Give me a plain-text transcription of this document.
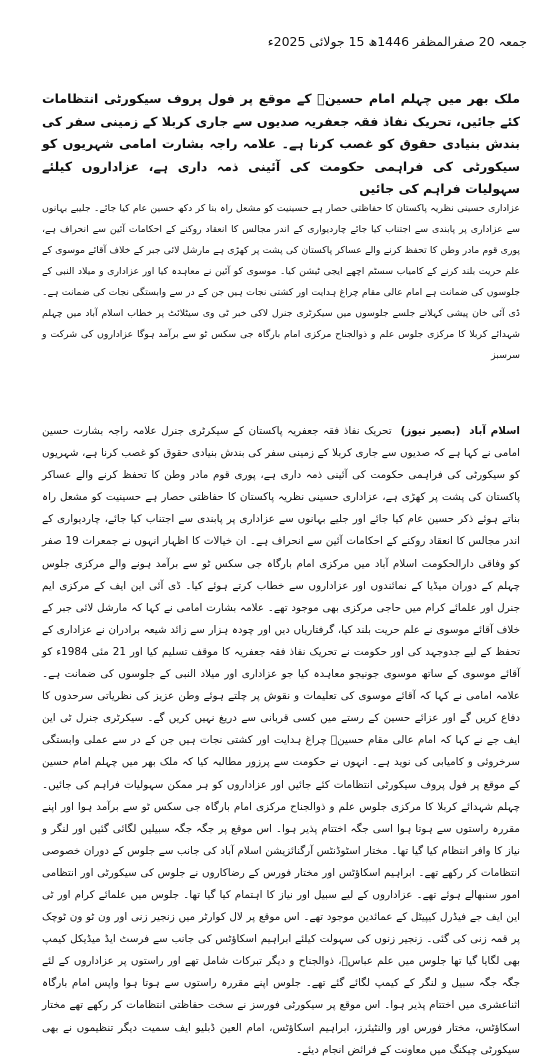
جمعہ 20 صفرالمظفر 1446ھ 15 جولائی 2025ء

ملک بھر میں چہلم امام حسینؑ کے موقع پر فول پروف سیکورٹی انتظامات کئے جائیں، تحریک نفاذ فقہ جعفریہ صدیوں سے جاری کربلا کے زمینی سفر کی بندش بنیادی حقوق کو غصب کرنا ہے۔ علامہ راجہ بشارت امامی شہریوں کو سیکورٹی کی فراہمی حکومت کی آئینی ذمہ داری ہے، عزاداروں کیلئے سہولیات فراہم کی جائیں

عزاداری حسینی نظریہ پاکستان کا حفاظتی حصار ہے حسینیت کو مشعل راہ بنا کر دکھ حسین عام کیا جائے۔ جلیبے بہانوں سے عزاداری پر پابندی سے اجتناب کیا جائے چاردیواری کے اندر مجالس کا انعقاد روکنے کے احکامات آئین سے انحراف ہے، پوری قوم مادر وطن کا تحفظ کرنے والے عساکر پاکستان کی پشت پر کھڑی ہے مارشل لائی جبر کے خلاف آقائے موسوی کے علم حریت بلند کرنے کے کامیاب سسٹم اچھے ایجی ٹیشن کیا۔ موسوی کو آئین نے معاہدہ کیا اور عزاداری و میلاد النبی کے جلوسوں کی ضمانت ہے امام عالی مقام چراغ ہدایت اور کشتی نجات ہیں جن کے در سے وابستگی نجات کی ضمانت ہے۔ ڈی آئی خان پیشی کہلانے جلسے جلوسوں میں سیکرٹری جنرل لاکی خبر ٹی وی سیٹلائٹ پر خطاب اسلام آباد میں چہلم شہدائے کربلا کا مرکزی جلوس علم و ذوالجناح مرکزی امام بارگاہ جی سکس ٹو سے برآمد ہوگا عزاداروں کی شرکت و سرسبز

اسلام آباد  (بصیر نیوز)  تحریک نفاذ فقہ جعفریہ پاکستان کے سیکرٹری جنرل علامہ راجہ بشارت حسین امامی نے کہا ہے کہ صدیوں سے جاری کربلا کے زمینی سفر کی بندش بنیادی حقوق کو غصب کرنا ہے، شہریوں کو سیکورٹی کی فراہمی حکومت کی آئینی ذمہ داری ہے، پوری قوم مادر وطن کا تحفظ کرنے والے عساکر پاکستان کی پشت پر کھڑی ہے، عزاداری حسینی نظریہ پاکستان کا حفاظتی حصار ہے حسینیت کو مشعل راہ بناتے ہوئے ذکر حسین عام کیا جائے اور جلیے بہانوں سے عزاداری پر پابندی سے اجتناب کیا جائے، چاردیواری کے اندر مجالس کا انعقاد روکنے کے احکامات آئین سے انحراف ہے۔ ان خیالات کا اظہار انہوں نے جمعرات 19 صفر کو وفاقی دارالحکومت اسلام آباد میں مرکزی امام بارگاہ جی سکس ٹو سے برآمد ہونے والے مرکزی جلوس چہلم کے دوران میڈیا کے نمائندوں اور عزاداروں سے خطاب کرتے ہوئے کیا۔ ڈی آئی این ایف کے مرکزی ایم جنرل اور علمائے کرام میں حاجی مرکزی بھی موجود تھے۔ علامہ بشارت امامی نے کہا کہ مارشل لائی جبر کے خلاف آقائے موسوی نے علم حریت بلند کیا، گرفتاریاں دیں اور چودہ ہزار سے زائد شیعہ برادران نے عزاداری کے تحفظ کے لیے جدوجہد کی اور حکومت نے تحریک نفاذ فقہ جعفریہ کا موقف تسلیم کیا اور 21 مئی 1984ء کو آقائے موسوی کے ساتھ موسوی جونیجو معاہدہ کیا جو عزاداری اور میلاد النبی کے جلوسوں کی ضمانت ہے۔ علامہ امامی نے کہا کہ آقائے موسوی کی تعلیمات و نقوش پر چلتے ہوئے وطن عزیز کی نظریاتی سرحدوں کا دفاع کریں گے اور عزائے حسین کے رستے میں کسی قربانی سے دریغ نہیں کریں گے۔ سیکرٹری جنرل ٹی این ایف جے نے کہا کہ امام عالی مقام حسینؑ چراغ ہدایت اور کشتی نجات ہیں جن کے در سے عملی وابستگی سرخروئی و کامیابی کی نوید ہے۔ انہوں نے حکومت سے پرزور مطالبہ کیا کہ ملک بھر میں چہلم امام حسین کے موقع پر فول پروف سیکورٹی انتظامات کئے جائیں اور عزاداروں کو ہر ممکن سہولیات فراہم کی جائیں۔ چہلم شہدائے کربلا کا مرکزی جلوس علم و ذوالجناح مرکزی امام بارگاہ جی سکس ٹو سے برآمد ہوا اور اپنے مقررہ راستوں سے ہوتا ہوا اسی جگہ اختتام پذیر ہوا۔ اس موقع پر جگہ جگہ سبیلیں لگائی گئیں اور لنگر و نیاز کا وافر انتظام کیا گیا تھا۔ مختار اسٹوڈنٹس آرگنائزیشن اسلام آباد کی جانب سے جلوس کے دوران خصوصی انتظامات کر رکھے تھے۔ ابراہیم اسکاؤٹس اور مختار فورس کے رضاکاروں نے جلوس کی سیکورٹی اور انتظامی امور سنبھالے ہوئے تھے۔ عزاداروں کے لیے سبیل اور نیاز کا اہتمام کیا گیا تھا۔ جلوس میں علمائے کرام اور ٹی این ایف جے فیڈرل کیپیٹل کے عمائدین موجود تھے۔ اس موقع پر لال کوارٹر میں زنجیر زنی اور ون ٹو ون ٹوچک پر قمہ زنی کی گئی۔ زنجیر زنوں کی سہولت کیلئے ابراہیم اسکاؤٹس کی جانب سے فرسٹ ایڈ میڈیکل کیمپ بھی لگایا گیا تھا جلوس میں علم عباسؑ، ذوالجناح و دیگر تبرکات شامل تھے اور راستوں پر عزاداروں کے لئے جگہ جگہ سبیل و لنگر کے کیمپ لگائے گئے تھے۔ جلوس اپنے مقررہ راستوں سے ہوتا ہوا واپس امام بارگاہ اثناعشری میں اختتام پذیر ہوا۔ اس موقع پر سیکورٹی فورسز نے سخت حفاظتی انتظامات کر رکھے تھے مختار اسکاؤٹس، مختار فورس اور والنٹیئرز، ابراہیم اسکاؤٹس، امام العین ڈبلیو ایف سمیت دیگر تنظیموں نے بھی سیکورٹی چیکنگ میں معاونت کے فرائض انجام دیئے۔
